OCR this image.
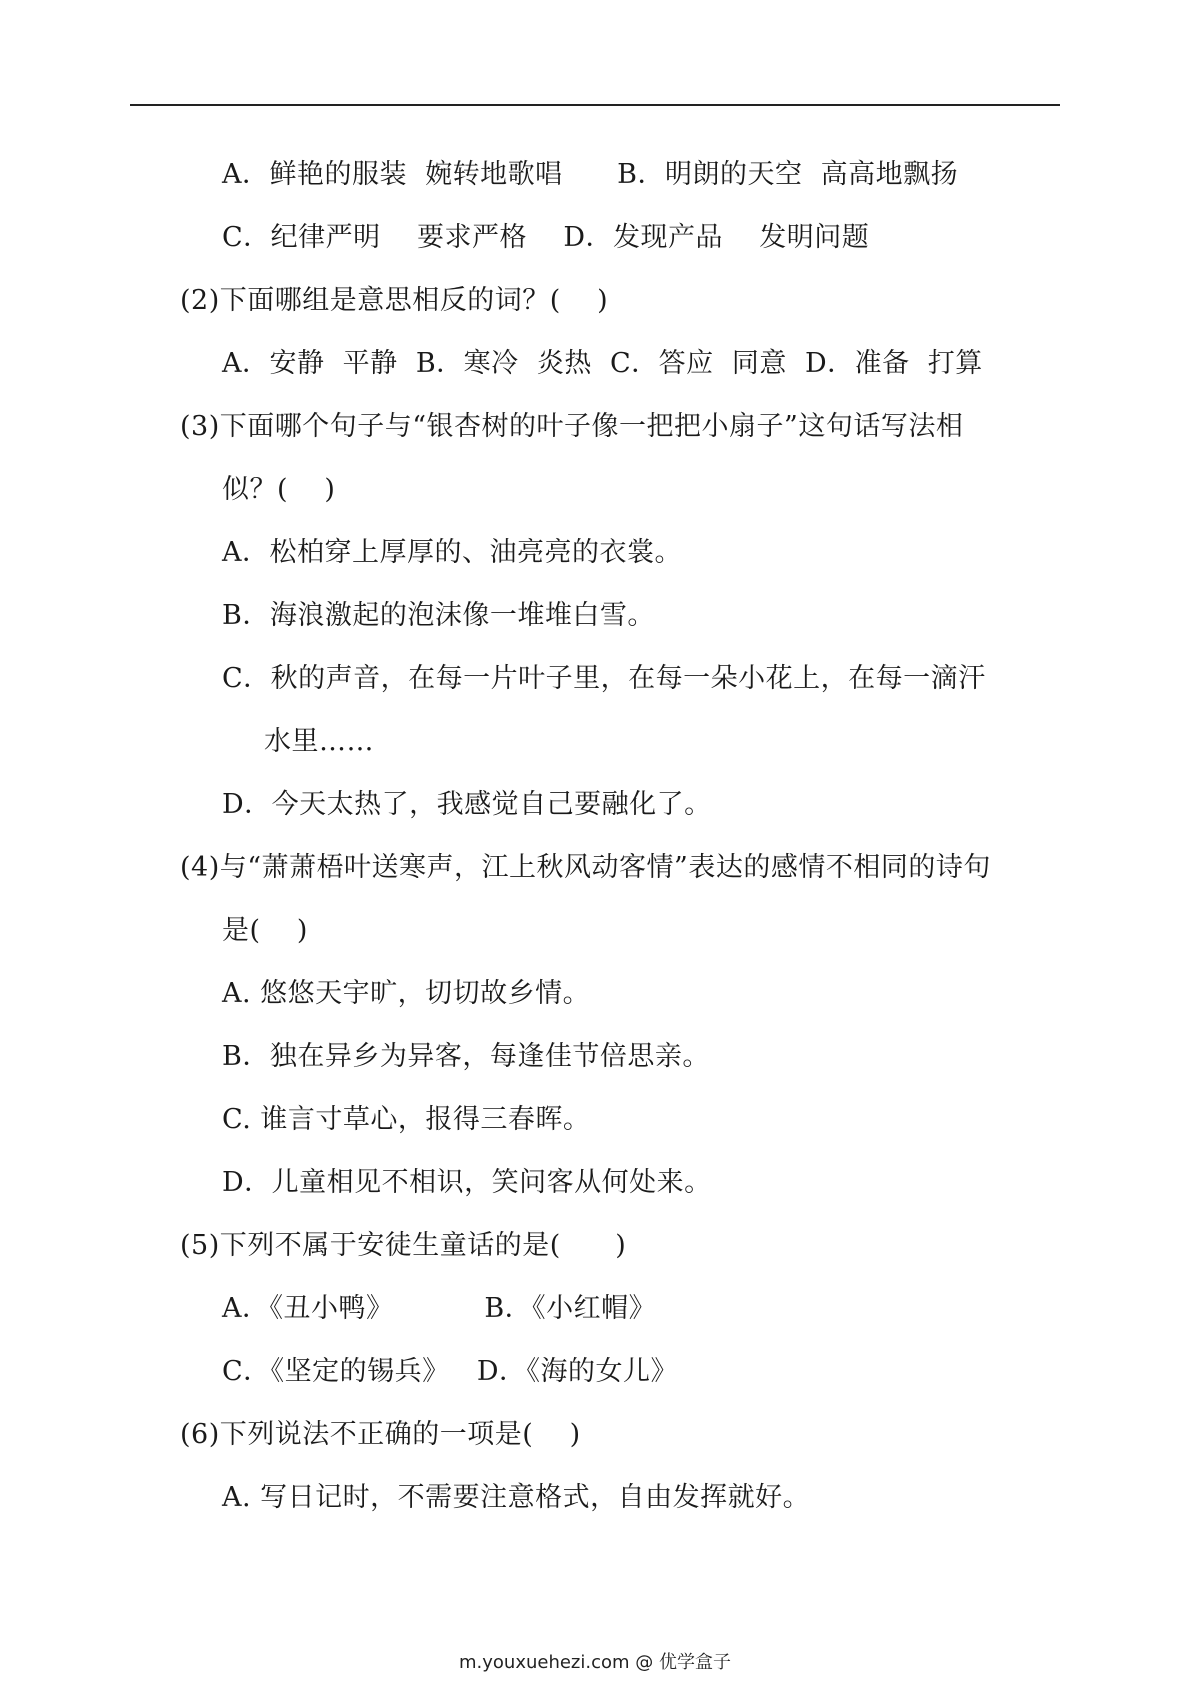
A．鲜艳的服装  婉转地歌唱      B．明朗的天空  高高地飘扬
C．纪律严明    要求严格    D．发现产品    发明问题
(2)下面哪组是意思相反的词？(    )
A．安静  平静  B．寒冷  炎热  C．答应  同意  D．准备  打算
(3)下面哪个句子与“银杏树的叶子像一把把小扇子”这句话写法相
似？(    )
A．松柏穿上厚厚的、油亮亮的衣裳。
B．海浪激起的泡沫像一堆堆白雪。
C．秋的声音，在每一片叶子里，在每一朵小花上，在每一滴汗
水里……
D．今天太热了，我感觉自己要融化了。
(4)与“萧萧梧叶送寒声，江上秋风动客情”表达的感情不相同的诗句
是(    )
A. 悠悠天宇旷，切切故乡情。
B．独在异乡为异客，每逢佳节倍思亲。
C. 谁言寸草心，报得三春晖。
D．儿童相见不相识，笑问客从何处来。
(5)下列不属于安徒生童话的是(      )
A．《丑小鸭》          B．《小红帽》
C．《坚定的锡兵》   D．《海的女儿》
(6)下列说法不正确的一项是(    )
A. 写日记时，不需要注意格式，自由发挥就好。
m.youxuehezi.com @ 优学盒子
